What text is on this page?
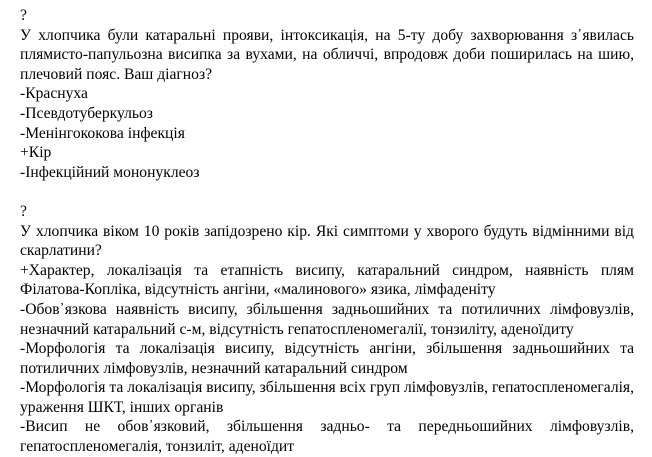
?

У хлопчика були катаральні прояви, інтоксикація, на 5-ту добу захворювання з᾿явилась плямисто-папульозна висипка за вухами, на обличчі, впродовж доби поширилась на шию, плечовий пояс. Ваш діагноз?

-Краснуха

-Псевдотуберкульоз

-Менінгококова інфекція

+Кір

-Інфекційний мононуклеоз

?

У хлопчика віком 10 років запідозрено кір. Які симптоми у хворого будуть відмінними від скарлатини?

+Характер, локалізація та етапність висипу, катаральний синдром, наявність плям Філатова-Копліка, відсутність ангіни, «малинового» язика, лімфаденіту

-Обов᾿язкова наявність висипу, збільшення задньошийних та потиличних лімфовузлів, незначний катаральний с-м, відсутність гепатоспленомегалії, тонзиліту, аденоїдиту

-Морфологія та локалізація висипу, відсутність ангіни, збільшення задньошийних та потиличних лімфовузлів, незначний катаральний синдром

-Морфологія та локалізація висипу, збільшення всіх груп лімфовузлів, гепатоспленомегалія, ураження ШКТ, інших органів

-Висип не обов᾿язковий, збільшення задньо- та передньошийних лімфовузлів, гепатоспленомегалія, тонзиліт, аденоїдит
